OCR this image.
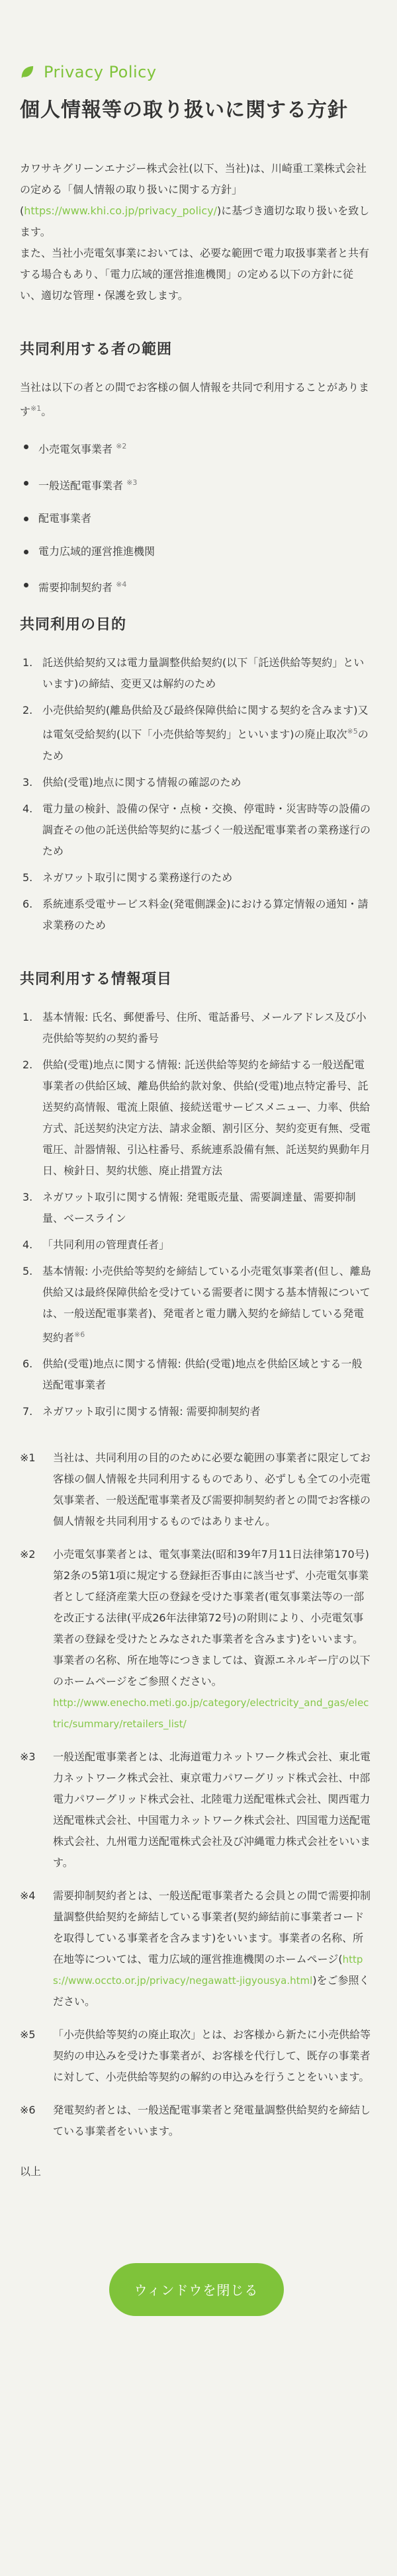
Privacy Policy
個人情報等の取り扱いに関する方針

カワサキグリーンエナジー株式会社(以下、当社)は、川崎重工業株式会社の定める「個人情報の取り扱いに関する方針」(https://www.khi.co.jp/privacy_policy/)に基づき適切な取り扱いを致します。

また、当社小売電気事業においては、必要な範囲で電力取扱事業者と共有する場合もあり、「電力広域的運営推進機関」の定める以下の方針に従い、適切な管理・保護を致します。

共同利用する者の範囲

当社は以下の者との間でお客様の個人情報を共同で利用することがあります$^{※1}$。

小売電気事業者 $^{※2}$
一般送配電事業者 $^{※3}$
配電事業者
電力広域的運営推進機関
需要抑制契約者 $^{※4}$
共同利用の目的
1. 託送供給契約又は電力量調整供給契約(以下「託送供給等契約」といいます)の締結、変更又は解約のため
2. 小売供給契約(離島供給及び最終保障供給に関する契約を含みます)又は電気受給契約(以下「小売供給等契約」といいます)の廃止取次$^{※5}$のため
3. 供給(受電)地点に関する情報の確認のため
4. 電力量の検針、設備の保守・点検・交換、停電時・災害時等の設備の調査その他の託送供給等契約に基づく一般送配電事業者の業務遂行のため
5. ネガワット取引に関する業務遂行のため
6. 系統連系受電サービス料金(発電側課金)における算定情報の通知・請求業務のため
共同利用する情報項目
1. 基本情報: 氏名、郵便番号、住所、電話番号、メールアドレス及び小売供給等契約の契約番号
2. 供給(受電)地点に関する情報: 託送供給等契約を締結する一般送配電事業者の供給区域、離島供給約款対象、供給(受電)地点特定番号、託送契約高情報、電流上限値、接続送電サービスメニュー、力率、供給方式、託送契約決定方法、請求金額、割引区分、契約変更有無、受電電圧、計器情報、引込柱番号、系統連系設備有無、託送契約異動年月日、検針日、契約状態、廃止措置方法
3. ネガワット取引に関する情報: 発電販売量、需要調達量、需要抑制量、ベースライン
4. 「共同利用の管理責任者」
5. 基本情報: 小売供給等契約を締結している小売電気事業者(但し、離島供給又は最終保障供給を受けている需要者に関する基本情報については、一般送配電事業者)、発電者と電力購入契約を締結している発電契約者$^{※6}$
6. 供給(受電)地点に関する情報: 供給(受電)地点を供給区域とする一般送配電事業者
7. ネガワット取引に関する情報: 需要抑制契約者
※1	当社は、共同利用の目的のために必要な範囲の事業者に限定してお客様の個人情報を共同利用するものであり、必ずしも全ての小売電気事業者、一般送配電事業者及び需要抑制契約者との間でお客様の個人情報を共同利用するものではありません。
※2	小売電気事業者とは、電気事業法(昭和39年7月11日法律第170号)第2条の5第1項に規定する登録拒否事由に該当せず、小売電気事業者として経済産業大臣の登録を受けた事業者(電気事業法等の一部を改正する法律(平成26年法律第72号)の附則により、小売電気事業者の登録を受けたとみなされた事業者を含みます)をいいます。事業者の名称、所在地等につきましては、資源エネルギー庁の以下のホームページをご参照ください。
http://www.enecho.meti.go.jp/category/electricity_and_gas/electric/summary/retailers_list/
※3	一般送配電事業者とは、北海道電力ネットワーク株式会社、東北電力ネットワーク株式会社、東京電力パワーグリッド株式会社、中部電力パワーグリッド株式会社、北陸電力送配電株式会社、関西電力送配電株式会社、中国電力ネットワーク株式会社、四国電力送配電株式会社、九州電力送配電株式会社及び沖縄電力株式会社をいいます。
※4	需要抑制契約者とは、一般送配電事業者たる会員との間で需要抑制量調整供給契約を締結している事業者(契約締結前に事業者コードを取得している事業者を含みます)をいいます。事業者の名称、所在地等については、電力広域的運営推進機関のホームページ(https://www.occto.or.jp/privacy/negawatt-jigyousya.html)をご参照ください。
※5	「小売供給等契約の廃止取次」とは、お客様から新たに小売供給等契約の申込みを受けた事業者が、お客様を代行して、既存の事業者に対して、小売供給等契約の解約の申込みを行うことをいいます。
※6	発電契約者とは、一般送配電事業者と発電量調整供給契約を締結している事業者をいいます。
以上
ウィンドウを閉じる
